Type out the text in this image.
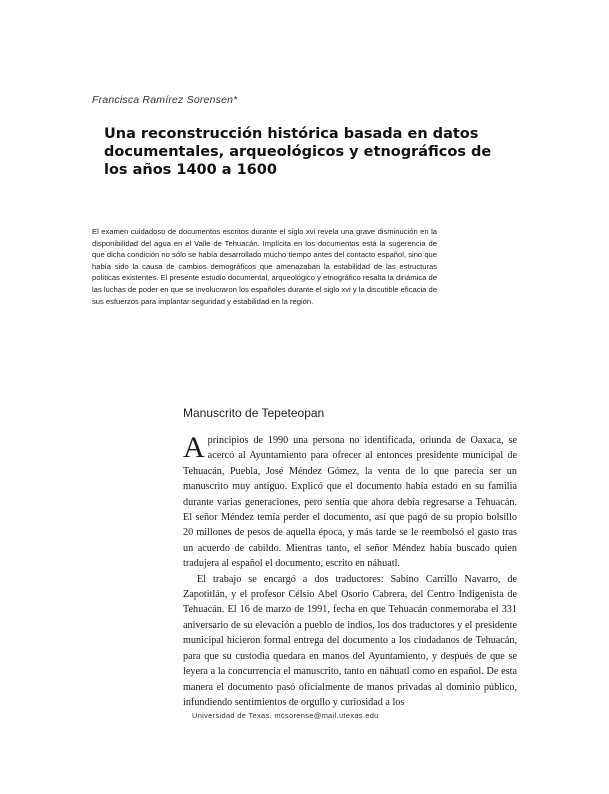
Francisca Ramírez Sorensen*
Una reconstrucción histórica basada en datos documentales, arqueológicos y etnográficos de los años 1400 a 1600

El examen cuidadoso de documentos escritos durante el siglo xvi revela una grave disminución en la disponibilidad del agua en el Valle de Tehuacán. Implícita en los documentos está la sugerencia de que dicha condición no sólo se había desarrollado mucho tiempo antes del contacto español, sino que había sido la causa de cambios demográficos que amenazaban la estabilidad de las estructuras políticas existentes. El presente estudio documental, arqueológico y etnográfico resalta la dinámica de las luchas de poder en que se involucraron los españoles durante el siglo xvi y la discutible eficacia de sus esfuerzos para implantar seguridad y estabilidad en la región.

Manuscrito de Tepeteopan

A principios de 1990 una persona no identificada, oriunda de Oaxaca, se acercó al Ayuntamiento para ofrecer al entonces presidente municipal de Tehuacán, Puebla, José Méndez Gómez, la venta de lo que parecía ser un manuscrito muy antiguo. Explicó que el documento había estado en su familia durante varias generaciones, pero sentía que ahora debía regresarse a Tehuacán. El señor Méndez temía perder el documento, así que pagó de su propio bolsillo 20 millones de pesos de aquella época, y más tarde se le reembolsó el gasto tras un acuerdo de cabildo. Mientras tanto, el señor Méndez había buscado quien tradujera al español el documento, escrito en náhuatl.

El trabajo se encargó a dos traductores: Sabino Carrillo Navarro, de Zapotitlán, y el profesor Célsio Abel Osorio Cabrera, del Centro Indigenista de Tehuacán. El 16 de marzo de 1991, fecha en que Tehuacán conmemoraba el 331 aniversario de su elevación a pueblo de indios, los dos traductores y el presidente municipal hicieron formal entrega del documento a los ciudadanos de Tehuacán, para que su custodia quedara en manos del Ayuntamiento, y después de que se leyera a la concurrencia el manuscrito, tanto en náhuatl como en español. De esta manera el documento pasó oficialmente de manos privadas al dominio público, infundiendo sentimientos de orgullo y curiosidad a los

Universidad de Texas. mcsorense@mail.utexas.edu
